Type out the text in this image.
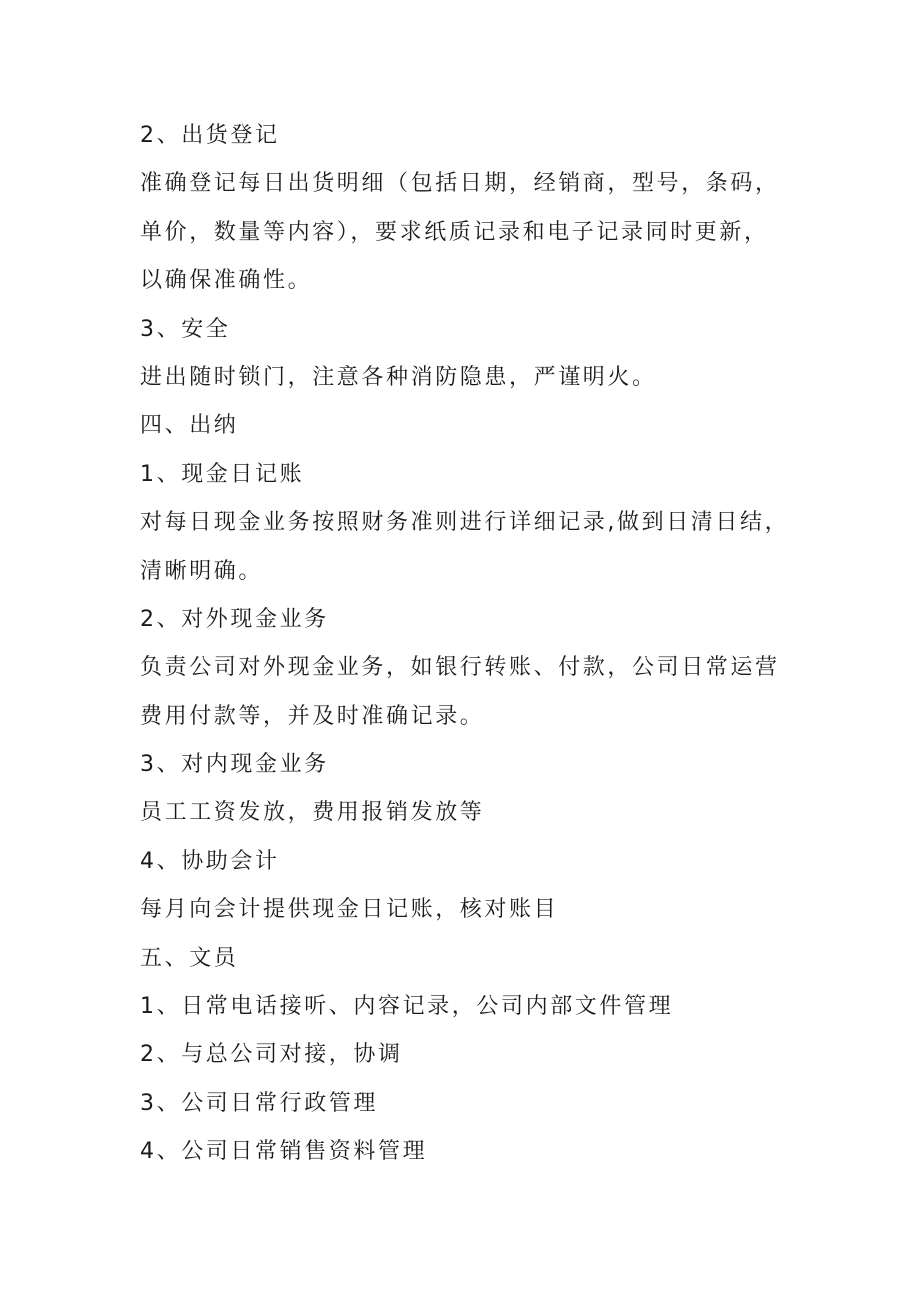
2、出货登记
准确登记每日出货明细（包括日期，经销商，型号，条码，
单价，数量等内容），要求纸质记录和电子记录同时更新，
以确保准确性。
3、安全
进出随时锁门，注意各种消防隐患，严谨明火。
四、出纳
1、现金日记账
对每日现金业务按照财务准则进行详细记录,做到日清日结，
清晰明确。
2、对外现金业务
负责公司对外现金业务，如银行转账、付款，公司日常运营
费用付款等，并及时准确记录。
3、对内现金业务
员工工资发放，费用报销发放等
4、协助会计
每月向会计提供现金日记账，核对账目
五、文员
1、日常电话接听、内容记录，公司内部文件管理
2、与总公司对接，协调
3、公司日常行政管理
4、公司日常销售资料管理
